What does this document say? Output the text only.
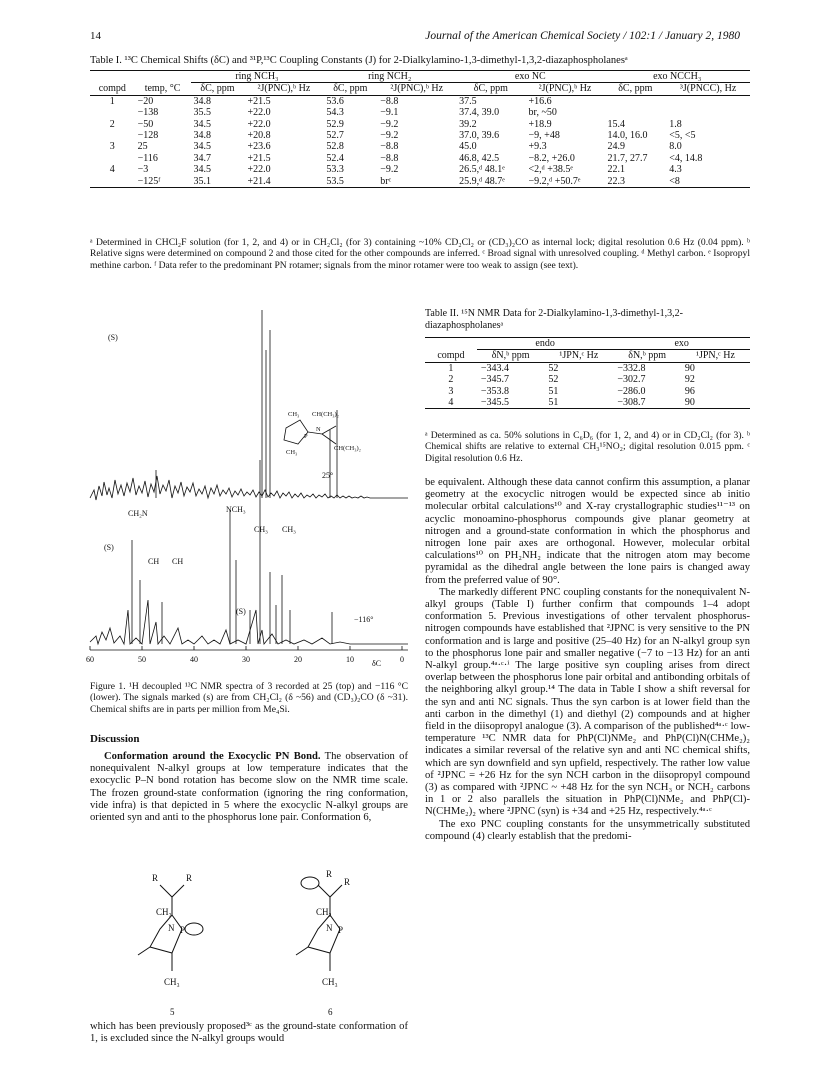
14	Journal of the American Chemical Society / 102:1 / January 2, 1980
Table I. ¹³C Chemical Shifts (δC) and ³¹P,¹³C Coupling Constants (J) for 2-Dialkylamino-1,3-dimethyl-1,3,2-diazaphospholanesᵃ
		ring NCH₃		ring NCH₂		exo NC		exo NCCH₃	
compd	temp, °C	δC, ppm	²J(PNC),ᵇ Hz	δC, ppm	²J(PNC),ᵇ Hz	δC, ppm	²J(PNC),ᵇ Hz	δC, ppm	³J(PNCC), Hz
1	−20	34.8	+21.5	53.6	−8.8	37.5	+16.6		
	−138	35.5	+22.0	54.3	−9.1	37.4, 39.0	br, ~50		
2	−50	34.5	+22.0	52.9	−9.2	39.2	+18.9	15.4	1.8
	−128	34.8	+20.8	52.7	−9.2	37.0, 39.6	−9, +48	14.0, 16.0	<5, <5
3	25	34.5	+23.6	52.8	−8.8	45.0	+9.3	24.9	8.0
	−116	34.7	+21.5	52.4	−8.8	46.8, 42.5	−8.2, +26.0	21.7, 27.7	<4, 14.8
4	−3	34.5	+22.0	53.3	−9.2	26.5,ᵈ 48.1ᵉ	<2,ᵈ +38.5ᵉ	22.1	4.3
	−125ᶠ	35.1	+21.4	53.5	brᶜ	25.9,ᵈ 48.7ᵉ	−9.2,ᵈ +50.7ᵉ	22.3	<8
ᵃ Determined in CHCl₂F solution (for 1, 2, and 4) or in CH₂Cl₂ (for 3) containing ~10% CD₂Cl₂ or (CD₃)₂CO as internal lock; digital resolution 0.6 Hz (0.04 ppm). ᵇ Relative signs were determined on compound 2 and those cited for the other compounds are inferred. ᶜ Broad signal with unresolved coupling. ᵈ Methyl carbon. ᵉ Isopropyl methine carbon. ᶠ Data refer to the predominant PN rotamer; signals from the minor rotamer were too weak to assign (see text).
(S)
25°
CH₂N	NCH₃
CH₃ CH₃
(S)
CH CH
(S)
−116°
60	50	40	30	20	10	0
δC
CH₃ CH(CH₃)₂
CH(CH₃)₂
CH₃
N
P
Figure 1. ¹H decoupled ¹³C NMR spectra of 3 recorded at 25 (top) and −116 °C (lower). The signals marked (s) are from CH₂Cl₂ (δ ~56) and (CD₃)₂CO (δ ~31). Chemical shifts are in parts per million from Me₄Si.
Discussion

Conformation around the Exocyclic PN Bond. The observation of nonequivalent N-alkyl groups at low temperature indicates that the exocyclic P–N bond rotation has become slow on the NMR time scale. The frozen ground-state conformation (ignoring the ring conformation, vide infra) is that depicted in 5 where the exocyclic N-alkyl groups are oriented syn and anti to the phosphorus lone pair. Conformation 6,

R	R
CH₃
N P
CH₃
5
R
R
CH₃
N P
CH₃
6

which has been previously proposed³ᶜ as the ground-state conformation of 1, is excluded since the N-alkyl groups would

Table II. ¹⁵N NMR Data for 2-Dialkylamino-1,3-dimethyl-1,3,2-diazaphospholanesᵃ
	endo		exo	
compd	δN,ᵇ ppm	¹JPN,ᶜ Hz	δN,ᵇ ppm	¹JPN,ᶜ Hz
1	−343.4	52	−332.8	90
2	−345.7	52	−302.7	92
3	−353.8	51	−286.0	96
4	−345.5	51	−308.7	90
ᵃ Determined as ca. 50% solutions in C₆D₆ (for 1, 2, and 4) or in CD₂Cl₂ (for 3). ᵇ Chemical shifts are relative to external CH₃¹⁵NO₂; digital resolution 0.015 ppm. ᶜ Digital resolution 0.6 Hz.

be equivalent. Although these data cannot confirm this assumption, a planar geometry at the exocyclic nitrogen would be expected since ab initio molecular orbital calculations¹⁰ and X-ray crystallographic studies¹¹⁻¹³ on acyclic monoamino-phosphorus compounds give planar geometry at nitrogen and a ground-state conformation in which the phosphorus and nitrogen lone pair axes are orthogonal. However, molecular orbital calculations¹⁰ on PH₂NH₂ indicate that the nitrogen atom may become pyramidal as the dihedral angle between the lone pairs is changed away from the preferred value of 90°.

The markedly different PNC coupling constants for the nonequivalent N-alkyl groups (Table I) further confirm that compounds 1–4 adopt conformation 5. Previous investigations of other tervalent phosphorus-nitrogen compounds have established that ²JPNC is very sensitive to the PN conformation and is large and positive (25–40 Hz) for an N-alkyl group syn to the phosphorus lone pair and smaller negative (−7 to −13 Hz) for an anti N-alkyl group.⁴ᵃ·ᶜ·ⁱ The large positive syn coupling arises from direct overlap between the phosphorus lone pair orbital and antibonding orbitals of the neighboring alkyl group.¹⁴ The data in Table I show a shift reversal for the syn and anti NC signals. Thus the syn carbon is at lower field than the anti carbon in the dimethyl (1) and diethyl (2) compounds and at higher field in the diisopropyl analogue (3). A comparison of the published⁴ᵃ·ᶜ low-temperature ¹³C NMR data for PhP(Cl)NMe₂ and PhP(Cl)N(CHMe₂)₂ indicates a similar reversal of the relative syn and anti NC chemical shifts, which are syn downfield and syn upfield, respectively. The rather low value of ²JPNC = +26 Hz for the syn NCH carbon in the diisopropyl compound (3) as compared with ²JPNC ~ +48 Hz for the syn NCH₃ or NCH₂ carbons in 1 or 2 also parallels the situation in PhP(Cl)NMe₂ and PhP(Cl)-N(CHMe₂)₂ where ²JPNC (syn) is +34 and +25 Hz, respectively.⁴ᵃ·ᶜ

The exo PNC coupling constants for the unsymmetrically substituted compound (4) clearly establish that the predomi-
